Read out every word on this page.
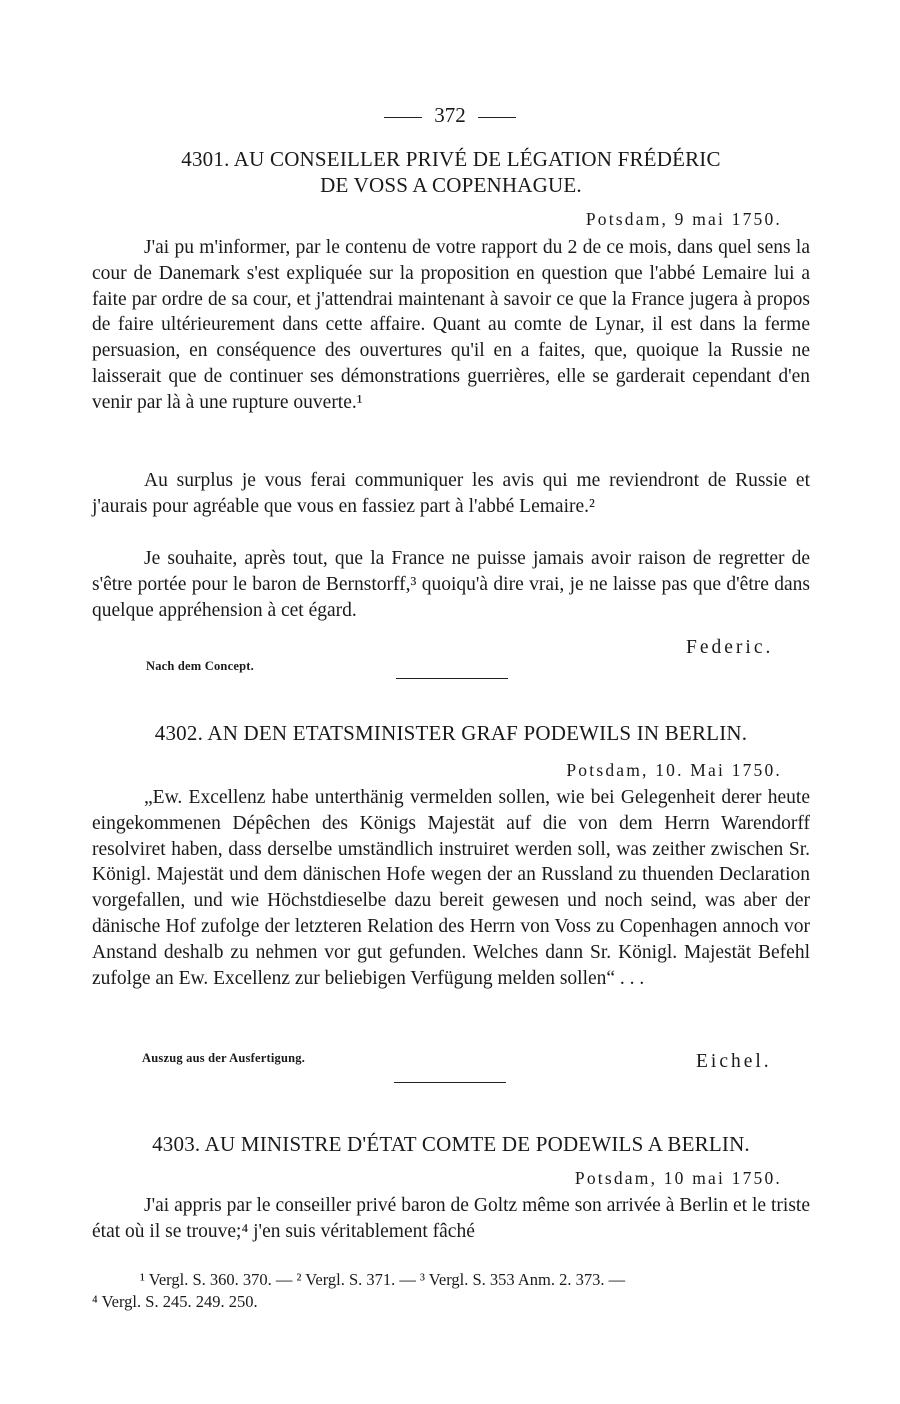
372
4301. AU CONSEILLER PRIVÉ DE LÉGATION FRÉDÉRIC
DE VOSS A COPENHAGUE.
Potsdam, 9 mai 1750.

J'ai pu m'informer, par le contenu de votre rapport du 2 de ce mois, dans quel sens la cour de Danemark s'est expliquée sur la proposition en question que l'abbé Lemaire lui a faite par ordre de sa cour, et j'attendrai maintenant à savoir ce que la France jugera à propos de faire ultérieurement dans cette affaire. Quant au comte de Lynar, il est dans la ferme persuasion, en conséquence des ouvertures qu'il en a faites, que, quoique la Russie ne laisserait que de continuer ses démonstrations guerrières, elle se garderait cependant d'en venir par là à une rupture ouverte.¹

Au surplus je vous ferai communiquer les avis qui me reviendront de Russie et j'aurais pour agréable que vous en fassiez part à l'abbé Lemaire.²

Je souhaite, après tout, que la France ne puisse jamais avoir raison de regretter de s'être portée pour le baron de Bernstorff,³ quoiqu'à dire vrai, je ne laisse pas que d'être dans quelque appréhension à cet égard.

Federic.
Nach dem Concept.
4302. AN DEN ETATSMINISTER GRAF PODEWILS IN BERLIN.
Potsdam, 10. Mai 1750.

„Ew. Excellenz habe unterthänig vermelden sollen, wie bei Gelegenheit derer heute eingekommenen Dépêchen des Königs Majestät auf die von dem Herrn Warendorff resolviret haben, dass derselbe umständlich instruiret werden soll, was zeither zwischen Sr. Königl. Majestät und dem dänischen Hofe wegen der an Russland zu thuenden Declaration vorgefallen, und wie Höchstdieselbe dazu bereit gewesen und noch seind, was aber der dänische Hof zufolge der letzteren Relation des Herrn von Voss zu Copenhagen annoch vor Anstand deshalb zu nehmen vor gut gefunden. Welches dann Sr. Königl. Majestät Befehl zufolge an Ew. Excellenz zur beliebigen Verfügung melden sollen“ . . .

Auszug aus der Ausfertigung.	Eichel.
4303. AU MINISTRE D'ÉTAT COMTE DE PODEWILS A BERLIN.
Potsdam, 10 mai 1750.

J'ai appris par le conseiller privé baron de Goltz même son arrivée à Berlin et le triste état où il se trouve;⁴ j'en suis véritablement fâché

¹ Vergl. S. 360. 370. — ² Vergl. S. 371. — ³ Vergl. S. 353 Anm. 2. 373. —
⁴ Vergl. S. 245. 249. 250.
